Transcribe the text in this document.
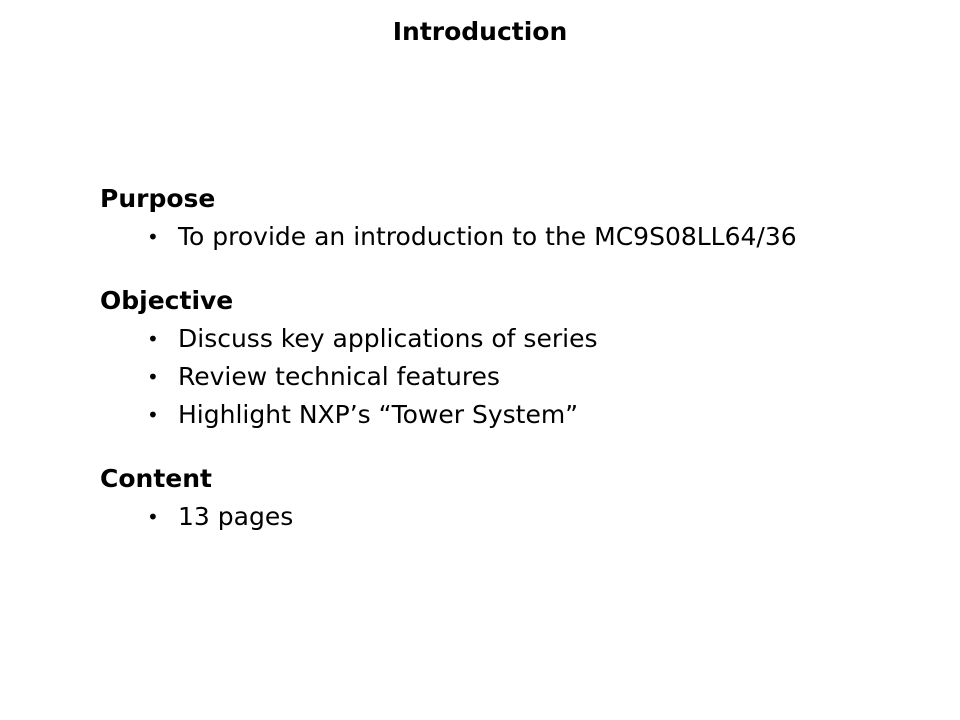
Introduction
Purpose
• To provide an introduction to the MC9S08LL64/36
Objective
• Discuss key applications of series
• Review technical features
• Highlight NXP’s “Tower System”
Content
• 13 pages
